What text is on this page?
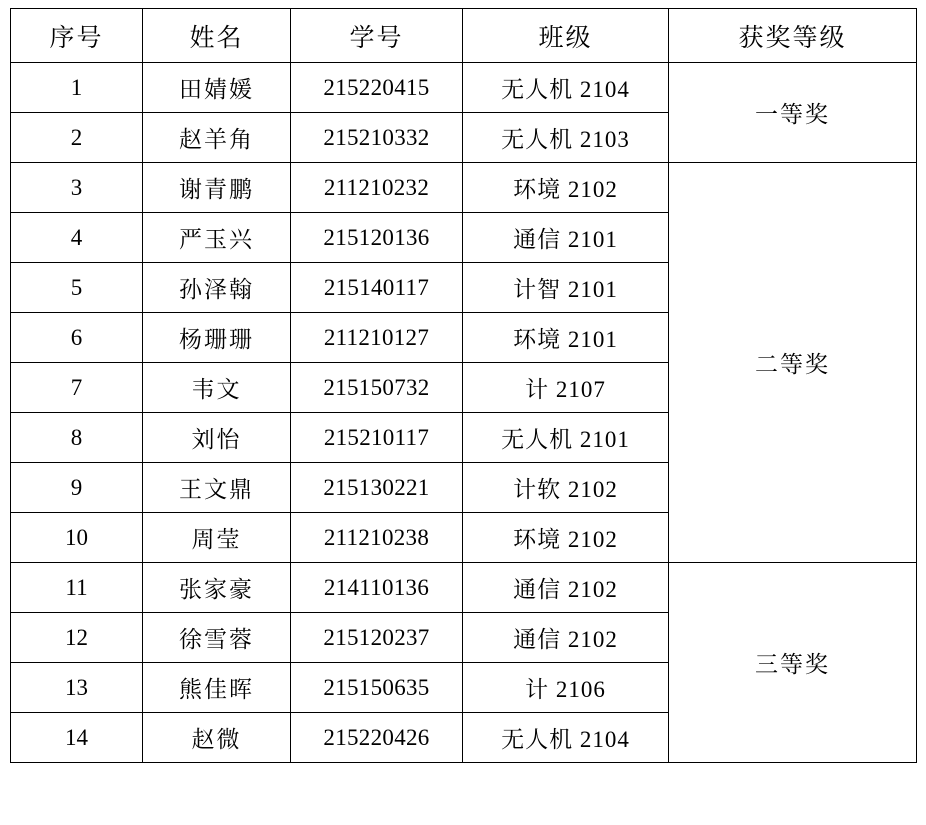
序号	姓名	学号	班级	获奖等级
1	田婧媛	215220415	无人机 2104	一等奖
2	赵羊角	215210332	无人机 2103	
3	谢青鹏	211210232	环境 2102	二等奖
4	严玉兴	215120136	通信 2101	
5	孙泽翰	215140117	计智 2101	
6	杨珊珊	211210127	环境 2101	
7	韦文	215150732	计 2107	
8	刘怡	215210117	无人机 2101	
9	王文鼎	215130221	计软 2102	
10	周莹	211210238	环境 2102	
11	张家豪	214110136	通信 2102	三等奖
12	徐雪蓉	215120237	通信 2102	
13	熊佳晖	215150635	计 2106	
14	赵微	215220426	无人机 2104	
